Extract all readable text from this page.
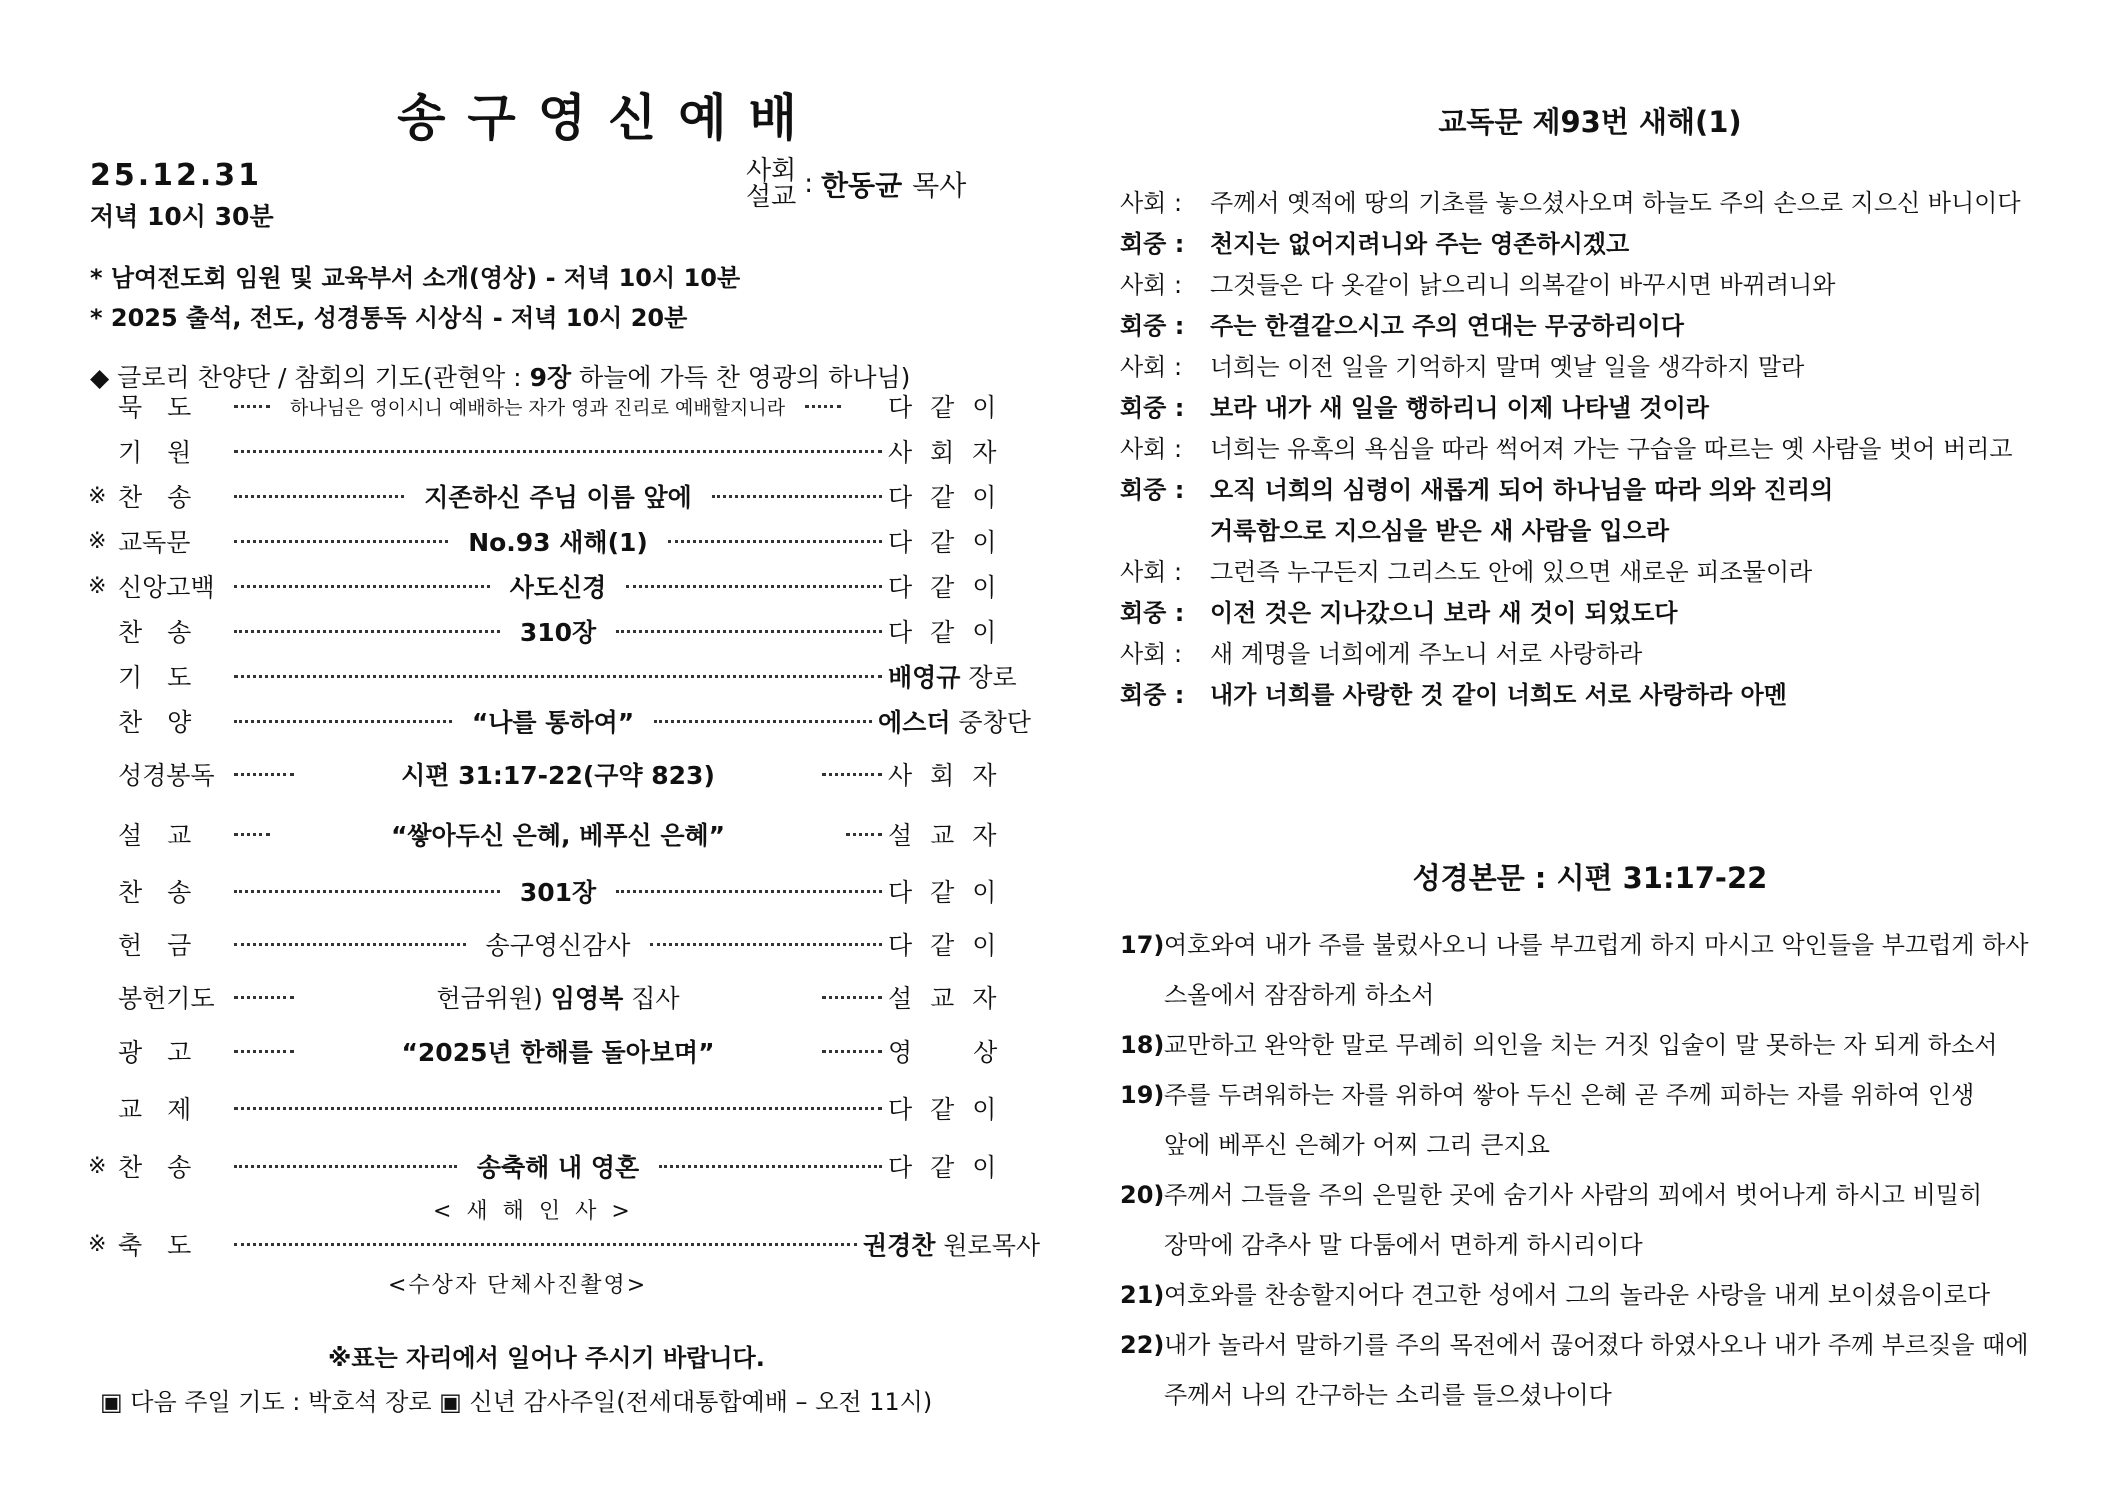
송구영신예배
25.12.31
저녁 10시 30분
사회
설교 : 한동균 목사
* 남여전도회 임원 및 교육부서 소개(영상) - 저녁 10시 10분
* 2025 출석, 전도, 성경통독 시상식 - 저녁 10시 20분
◆ 글로리 찬양단 / 참회의 기도(관현악 : 9장 하늘에 가득 찬 영광의 하나님)
묵　도	하나님은 영이시니 예배하는 자가 영과 진리로 예배할지니라	다같이
기　원	사회자
※ 찬　송	지존하신 주님 이름 앞에	다같이
※ 교독문	No.93 새해(1)	다같이
※ 신앙고백	사도신경	다같이
찬　송	310장	다같이
기　도	배영규 장로
찬　양	“나를 통하여”	에스더 중창단
성경봉독	시편 31:17-22(구약 823)	사회자
설　교	“쌓아두신 은혜, 베푸신 은혜”	설교자
찬　송	301장	다같이
헌　금	송구영신감사	다같이
봉헌기도	헌금위원) 임영복 집사	설교자
광　고	“2025년 한해를 돌아보며”	영　상
교　제	다같이
※ 찬　송	송축해 내 영혼	다같이
< 새 해 인 사 >
※ 축　도	권경찬 원로목사
<수상자 단체사진촬영>
※표는 자리에서 일어나 주시기 바랍니다.
▣ 다음 주일 기도 : 박호석 장로 ▣ 신년 감사주일(전세대통합예배 – 오전 11시)
교독문 제93번 새해(1)
사회 :	주께서 옛적에 땅의 기초를 놓으셨사오며 하늘도 주의 손으로 지으신 바니이다
회중 :	천지는 없어지려니와 주는 영존하시겠고
사회 :	그것들은 다 옷같이 낡으리니 의복같이 바꾸시면 바뀌려니와
회중 :	주는 한결같으시고 주의 연대는 무궁하리이다
사회 :	너희는 이전 일을 기억하지 말며 옛날 일을 생각하지 말라
회중 :	보라 내가 새 일을 행하리니 이제 나타낼 것이라
사회 :	너희는 유혹의 욕심을 따라 썩어져 가는 구습을 따르는 옛 사람을 벗어 버리고
회중 :	오직 너희의 심령이 새롭게 되어 하나님을 따라 의와 진리의
거룩함으로 지으심을 받은 새 사람을 입으라
사회 :	그런즉 누구든지 그리스도 안에 있으면 새로운 피조물이라
회중 :	이전 것은 지나갔으니 보라 새 것이 되었도다
사회 :	새 계명을 너희에게 주노니 서로 사랑하라
회중 :	내가 너희를 사랑한 것 같이 너희도 서로 사랑하라 아멘
성경본문 : 시편 31:17-22
17) 여호와여 내가 주를 불렀사오니 나를 부끄럽게 하지 마시고 악인들을 부끄럽게 하사
스올에서 잠잠하게 하소서
18) 교만하고 완악한 말로 무례히 의인을 치는 거짓 입술이 말 못하는 자 되게 하소서
19) 주를 두려워하는 자를 위하여 쌓아 두신 은혜 곧 주께 피하는 자를 위하여 인생
앞에 베푸신 은혜가 어찌 그리 큰지요
20) 주께서 그들을 주의 은밀한 곳에 숨기사 사람의 꾀에서 벗어나게 하시고 비밀히
장막에 감추사 말 다툼에서 면하게 하시리이다
21) 여호와를 찬송할지어다 견고한 성에서 그의 놀라운 사랑을 내게 보이셨음이로다
22) 내가 놀라서 말하기를 주의 목전에서 끊어졌다 하였사오나 내가 주께 부르짖을 때에
주께서 나의 간구하는 소리를 들으셨나이다
